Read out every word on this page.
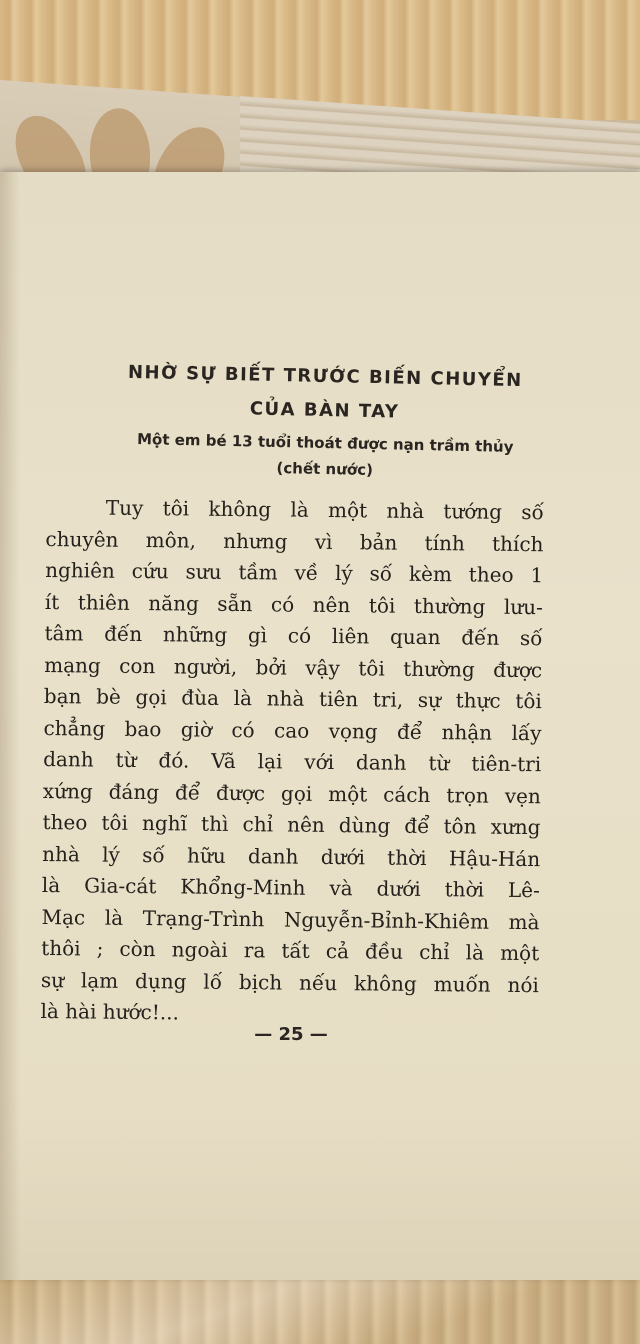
NHỜ SỰ BIẾT TRƯỚC BIẾN CHUYỂN
CỦA BÀN TAY
Một em bé 13 tuổi thoát được nạn trầm thủy
(chết nước)
Tuy tôi không là một nhà tướng số
chuyên môn, nhưng vì bản tính thích
nghiên cứu sưu tầm về lý số kèm theo 1
ít thiên năng sẵn có nên tôi thường lưu-
tâm đến những gì có liên quan đến số
mạng con người, bởi vậy tôi thường được
bạn bè gọi đùa là nhà tiên tri, sự thực tôi
chẳng bao giờ có cao vọng để nhận lấy
danh từ đó. Vã lại với danh từ tiên-tri
xứng đáng để được gọi một cách trọn vẹn
theo tôi nghĩ thì chỉ nên dùng để tôn xưng
nhà lý số hữu danh dưới thời Hậu-Hán
là Gia-cát Khổng-Minh và dưới thời Lê-
Mạc là Trạng-Trình Nguyễn-Bỉnh-Khiêm mà
thôi ; còn ngoài ra tất cả đều chỉ là một
sự lạm dụng lố bịch nếu không muốn nói
là hài hước!...
— 25 —
